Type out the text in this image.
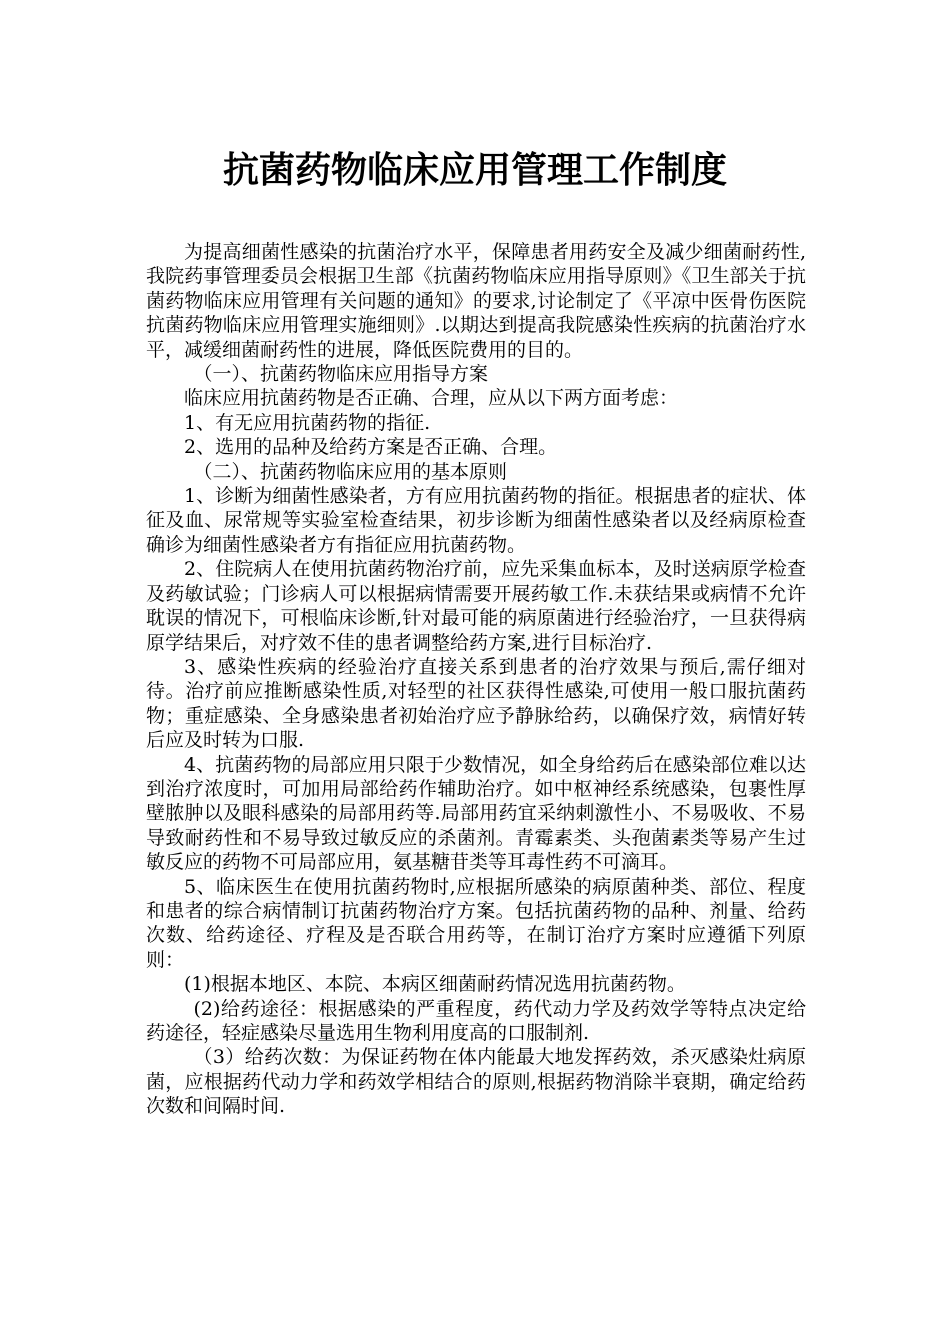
抗菌药物临床应用管理工作制度

为提高细菌性感染的抗菌治疗水平，保障患者用药安全及减少细菌耐药性,我院药事管理委员会根据卫生部《抗菌药物临床应用指导原则》《卫生部关于抗菌药物临床应用管理有关问题的通知》的要求,讨论制定了《平凉中医骨伤医院抗菌药物临床应用管理实施细则》.以期达到提高我院感染性疾病的抗菌治疗水平，减缓细菌耐药性的进展，降低医院费用的目的。

（一）、抗菌药物临床应用指导方案

临床应用抗菌药物是否正确、合理，应从以下两方面考虑：

1、有无应用抗菌药物的指征.

2、选用的品种及给药方案是否正确、合理。

（二）、抗菌药物临床应用的基本原则

1、诊断为细菌性感染者，方有应用抗菌药物的指征。根据患者的症状、体征及血、尿常规等实验室检查结果，初步诊断为细菌性感染者以及经病原检查确诊为细菌性感染者方有指征应用抗菌药物。

2、住院病人在使用抗菌药物治疗前，应先采集血标本，及时送病原学检查及药敏试验；门诊病人可以根据病情需要开展药敏工作.未获结果或病情不允许耽误的情况下，可根临床诊断,针对最可能的病原菌进行经验治疗，一旦获得病原学结果后，对疗效不佳的患者调整给药方案,进行目标治疗.

3、感染性疾病的经验治疗直接关系到患者的治疗效果与预后,需仔细对待。治疗前应推断感染性质,对轻型的社区获得性感染,可使用一般口服抗菌药物；重症感染、全身感染患者初始治疗应予静脉给药，以确保疗效，病情好转后应及时转为口服.

4、抗菌药物的局部应用只限于少数情况，如全身给药后在感染部位难以达到治疗浓度时，可加用局部给药作辅助治疗。如中枢神经系统感染，包裹性厚壁脓肿以及眼科感染的局部用药等.局部用药宜采纳刺激性小、不易吸收、不易导致耐药性和不易导致过敏反应的杀菌剂。青霉素类、头孢菌素类等易产生过敏反应的药物不可局部应用，氨基糖苷类等耳毒性药不可滴耳。

5、临床医生在使用抗菌药物时,应根据所感染的病原菌种类、部位、程度和患者的综合病情制订抗菌药物治疗方案。包括抗菌药物的品种、剂量、给药次数、给药途径、疗程及是否联合用药等，在制订治疗方案时应遵循下列原则：

(1)根据本地区、本院、本病区细菌耐药情况选用抗菌药物。

(2)给药途径：根据感染的严重程度，药代动力学及药效学等特点决定给药途径，轻症感染尽量选用生物利用度高的口服制剂.

（3）给药次数：为保证药物在体内能最大地发挥药效，杀灭感染灶病原菌，应根据药代动力学和药效学相结合的原则,根据药物消除半衰期，确定给药次数和间隔时间.
